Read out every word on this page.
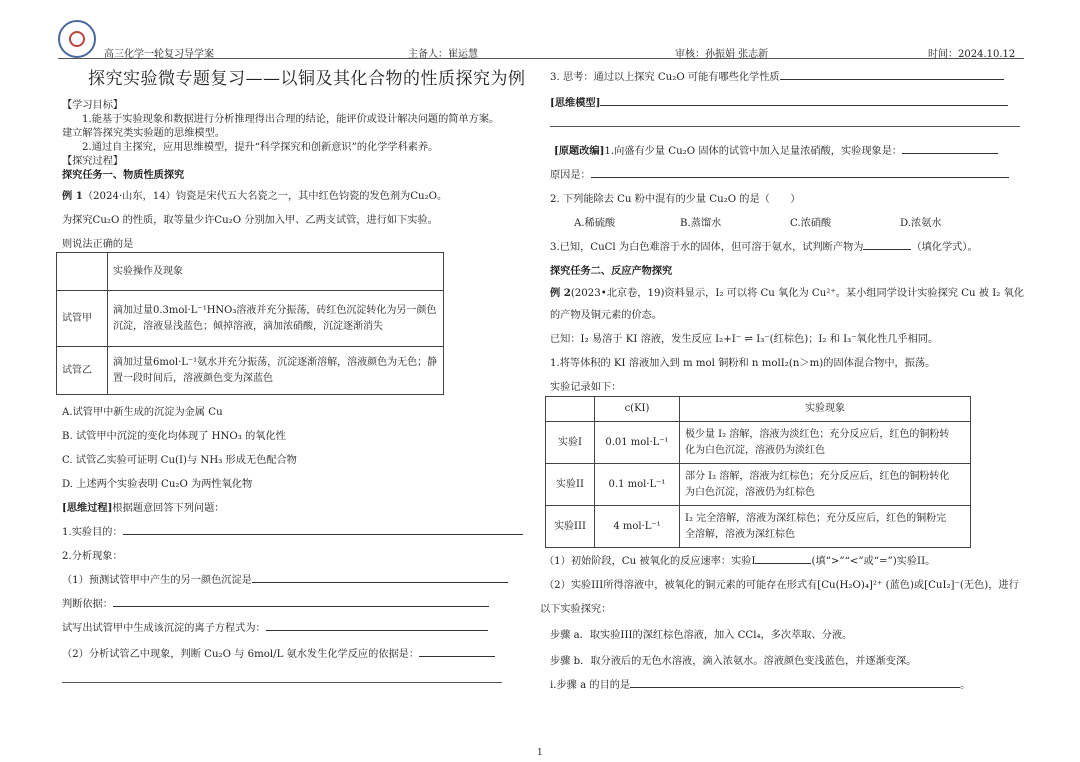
高三化学一轮复习导学案	主备人：崔运慧	审核：孙振娟 张志新	时间：2024.10.12
探究实验微专题复习——以铜及其化合物的性质探究为例
【学习目标】
1.能基于实验现象和数据进行分析推理得出合理的结论，能评价或设计解决问题的简单方案。
建立解答探究类实验题的思维模型。
2.通过自主探究，应用思维模型，提升“科学探究和创新意识”的化学学科素养。
【探究过程】
探究任务一、物质性质探究
例 1（2024·山东，14）钧瓷是宋代五大名瓷之一，其中红色钧瓷的发色剂为Cu₂O。
为探究Cu₂O 的性质，取等量少许Cu₂O 分别加入甲、乙两支试管，进行如下实验。
则说法正确的是
	实验操作及现象
试管甲	滴加过量0.3mol·L⁻¹HNO₃溶液并充分振荡，砖红色沉淀转化为另一颜色沉淀，溶液显浅蓝色；倾掉溶液，滴加浓硝酸，沉淀逐渐消失
试管乙	滴加过量6mol·L⁻¹氨水并充分振荡，沉淀逐渐溶解，溶液颜色为无色；静置一段时间后，溶液颜色变为深蓝色
A.试管甲中新生成的沉淀为金属 Cu
B. 试管甲中沉淀的变化均体现了 HNO₃ 的氧化性
C. 试管乙实验可证明 Cu(I)与 NH₃ 形成无色配合物
D. 上述两个实验表明 Cu₂O 为两性氧化物
[思维过程]根据题意回答下列问题：
1.实验目的：
2.分析现象：
（1）预测试管甲中产生的另一颜色沉淀是
判断依据：
试写出试管甲中生成该沉淀的离子方程式为：
（2）分析试管乙中现象，判断 Cu₂O 与 6mol/L 氨水发生化学反应的依据是：
3. 思考：通过以上探究 Cu₂O 可能有哪些化学性质
[思维模型]
[原题改编]1.向盛有少量 Cu₂O 固体的试管中加入足量浓硝酸，实验现象是：
原因是：
2. 下列能除去 Cu 粉中混有的少量 Cu₂O 的是（　　）
A.稀硫酸	B.蒸馏水	C.浓硝酸	D.浓氨水
3.已知，CuCl 为白色难溶于水的固体，但可溶于氨水，试判断产物为	（填化学式）。
探究任务二、反应产物探究
例 2(2023•北京卷，19)资料显示，I₂ 可以将 Cu 氧化为 Cu²⁺。某小组同学设计实验探究 Cu 被 I₂ 氧化
的产物及铜元素的价态。
已知：I₂ 易溶于 KI 溶液，发生反应 I₂+I⁻ ⇌ I₃⁻(红棕色)；I₂ 和 I₃⁻氧化性几乎相同。
1.将等体积的 KI 溶液加入到 m mol 铜粉和 n molI₂(n＞m)的固体混合物中，振荡。
实验记录如下：
	c(KI)	实验现象
实验I	0.01 mol·L⁻¹	极少量 I₂ 溶解，溶液为淡红色；充分反应后，红色的铜粉转
化为白色沉淀，溶液仍为淡红色

实验II	0.1 mol·L⁻¹	部分 I₂ 溶解，溶液为红棕色；充分反应后，红色的铜粉转化
为白色沉淀，溶液仍为红棕色

实验III	4 mol·L⁻¹	I₂ 完全溶解，溶液为深红棕色；充分反应后，红色的铜粉完
全溶解，溶液为深红棕色
（1）初始阶段，Cu 被氧化的反应速率：实验I	(填“>”“<”或“=”)实验II。
（2）实验III所得溶液中，被氧化的铜元素的可能存在形式有[Cu(H₂O)₄]²⁺ (蓝色)或[CuI₂]⁻(无色)，进行
以下实验探究：
步骤 a．取实验III的深红棕色溶液，加入 CCl₄，多次萃取、分液。
步骤 b．取分液后的无色水溶液，滴入浓氨水。溶液颜色变浅蓝色，并逐渐变深。
i.步骤 a 的目的是	。
1
